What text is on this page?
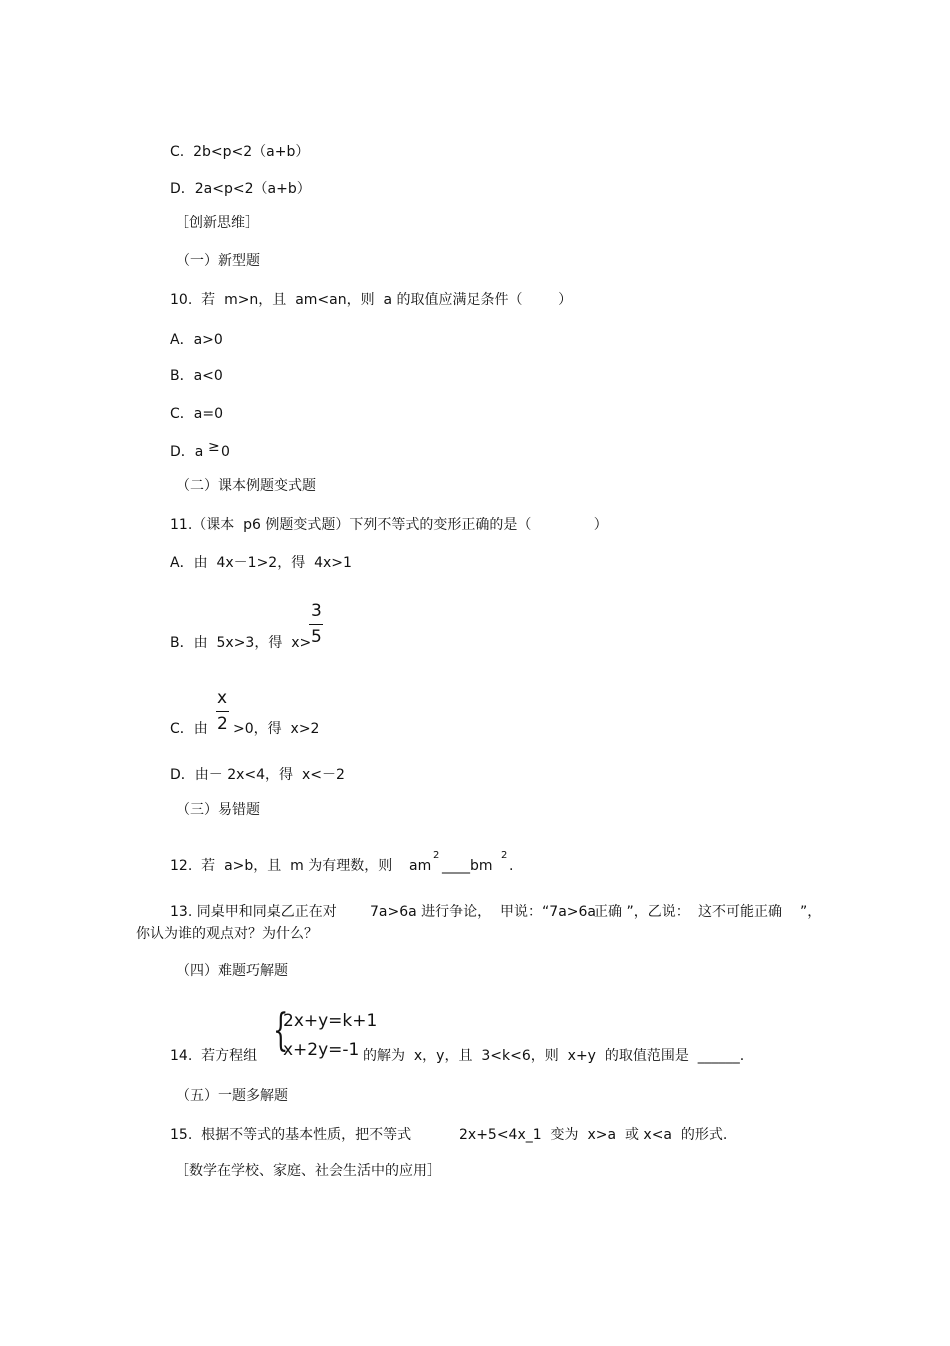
C.  2b<p<2（a+b）
D．2a<p<2（a+b）
［创新思维］
（一）新型题
10.  若  m>n，且  am<an，则  a 的取值应满足条件（        ）
A．a>0
B．a<0
C．a=0
D．a ≥ 0
（二）课本例题变式题
11.（课本  p6 例题变式题）下列不等式的变形正确的是（              ）
A．由  4x－1>2，得  4x>1
B．由  5x>3，得  x>
3
5
C．由
x
2 >0，得  x>2
D．由－ 2x<4，得  x<－2
（三）易错题
12.  若  a>b，且  m 为有理数，则 am
2
____bm
2
.
13. 同桌甲和同桌乙正在对 7a>6a 进行争论，  甲说：“7a>6a
正确 ”，乙说： 这不可能正确 ”，
你认为谁的观点对？为什么？
（四）难题巧解题
{
2x+y=k+1
x+2y=-1
14.  若方程组	的解为  x，y，且  3<k<6，则  x+y  的取值范围是  ______.
（五）一题多解题
15.  根据不等式的基本性质，把不等式	2x+5<4x_1  变为  x>a  或 x<a  的形式.
［数学在学校、家庭、社会生活中的应用］
